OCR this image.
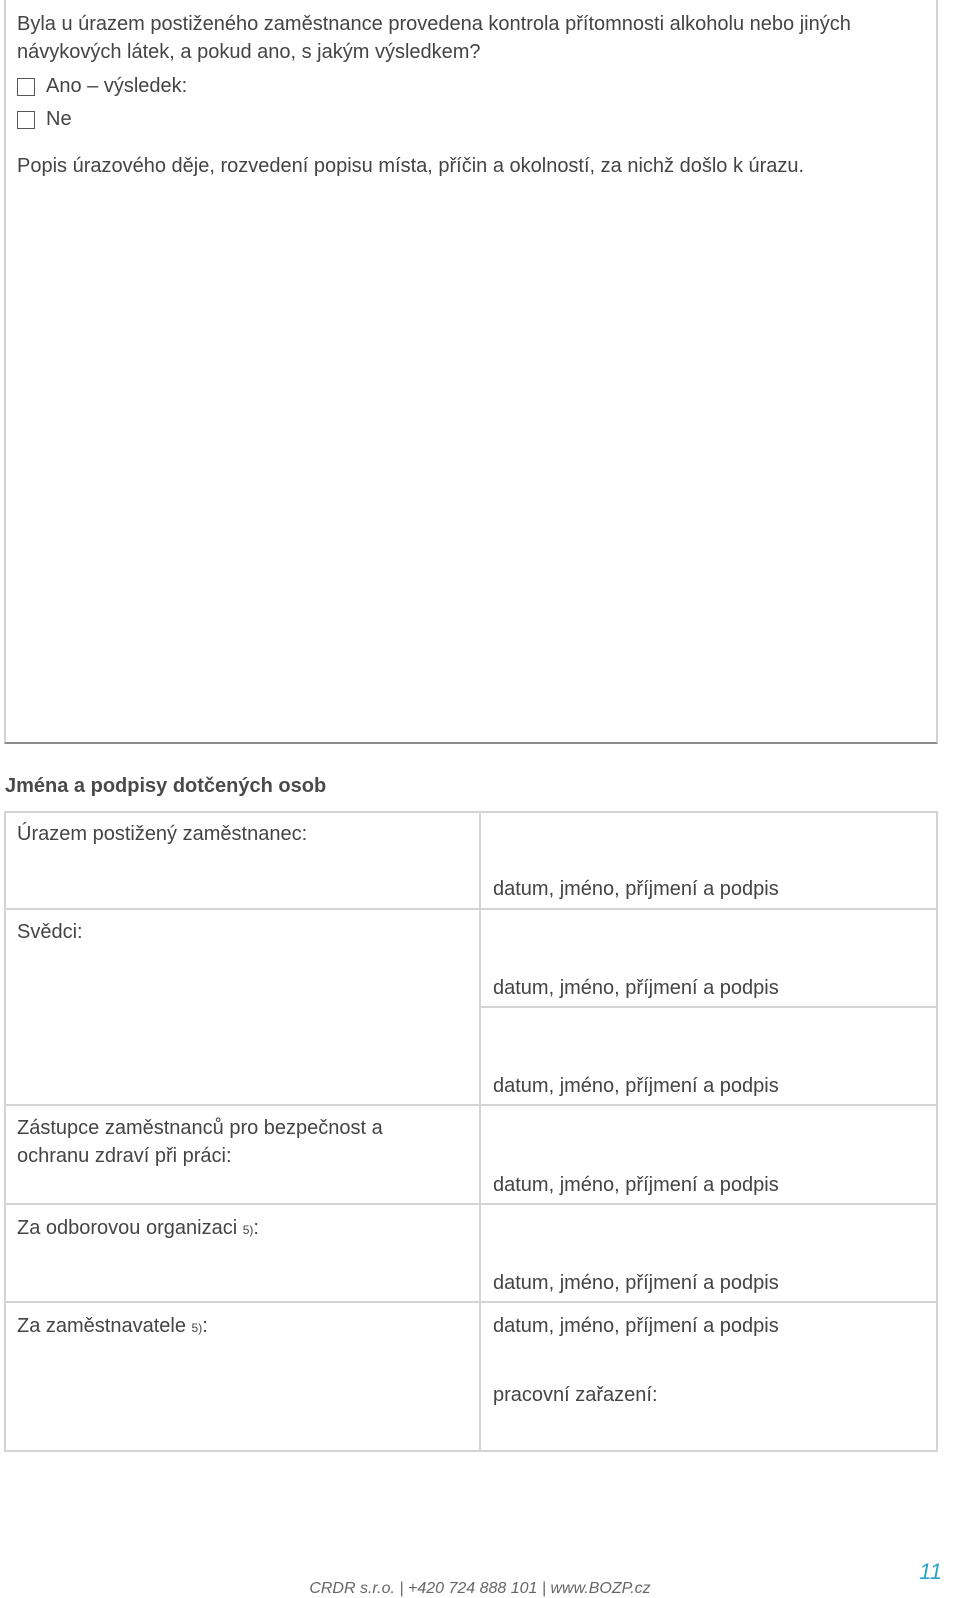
Byla u úrazem postiženého zaměstnance provedena kontrola přítomnosti alkoholu nebo jiných návykových látek, a pokud ano, s jakým výsledkem?
Ano – výsledek:
Ne
Popis úrazového děje, rozvedení popisu místa, příčin a okolností, za nichž došlo k úrazu.
Jména a podpisy dotčených osob
Úrazem postižený zaměstnanec:
datum, jméno, příjmení a podpis
Svědci:
datum, jméno, příjmení a podpis
datum, jméno, příjmení a podpis
Zástupce zaměstnanců pro bezpečnost a
ochranu zdraví při práci:
datum, jméno, příjmení a podpis
Za odborovou organizaci 5):
datum, jméno, příjmení a podpis
Za zaměstnavatele 5):	datum, jméno, příjmení a podpis
pracovní zařazení:
11
CRDR s.r.o. | +420 724 888 101 | www.BOZP.cz
